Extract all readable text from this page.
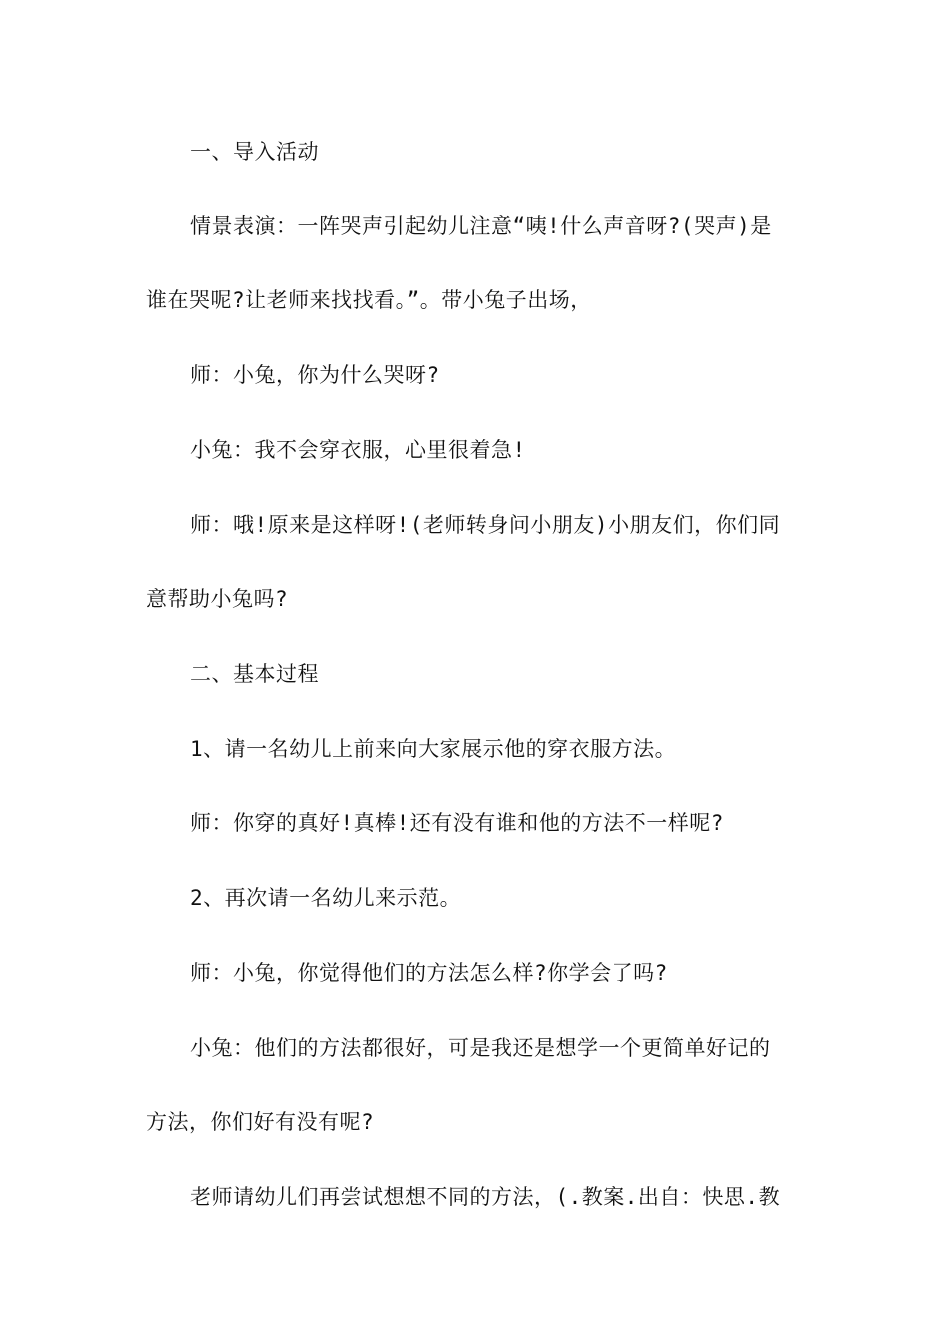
一、导入活动
情景表演：一阵哭声引起幼儿注意“咦!什么声音呀?(哭声)是
谁在哭呢?让老师来找找看。”。带小兔子出场，
师：小兔，你为什么哭呀?
小兔：我不会穿衣服，心里很着急!
师：哦!原来是这样呀!(老师转身问小朋友)小朋友们，你们同
意帮助小兔吗?
二、基本过程
1、请一名幼儿上前来向大家展示他的穿衣服方法。
师：你穿的真好!真棒!还有没有谁和他的方法不一样呢?
2、再次请一名幼儿来示范。
师：小兔，你觉得他们的方法怎么样?你学会了吗?
小兔：他们的方法都很好，可是我还是想学一个更简单好记的
方法，你们好有没有呢?
老师请幼儿们再尝试想想不同的方法，(.教案.出自：快思.教
